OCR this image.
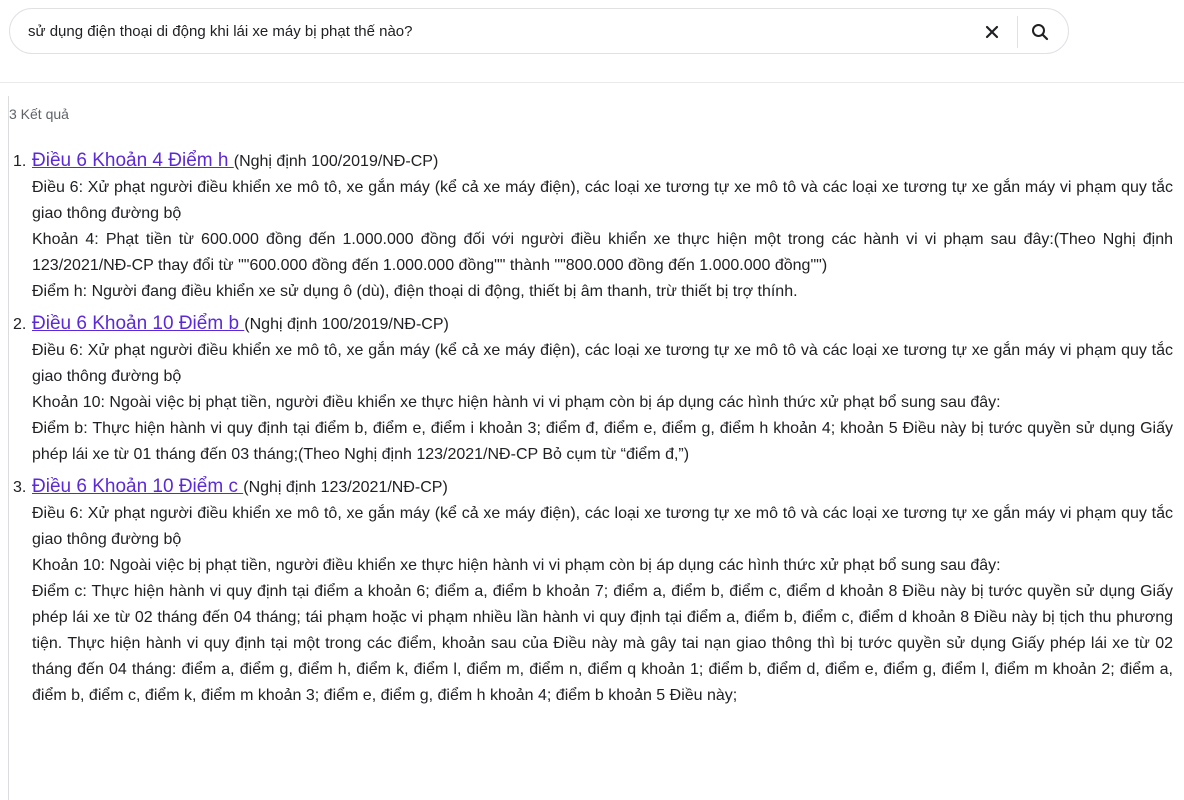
sử dụng điện thoại di động khi lái xe máy bị phạt thế nào?
3 Kết quả
1. Điều 6 Khoản 4 Điểm h (Nghị định 100/2019/NĐ-CP)

Điều 6: Xử phạt người điều khiển xe mô tô, xe gắn máy (kể cả xe máy điện), các loại xe tương tự xe mô tô và các loại xe tương tự xe gắn máy vi phạm quy tắc giao thông đường bộ

Khoản 4: Phạt tiền từ 600.000 đồng đến 1.000.000 đồng đối với người điều khiển xe thực hiện một trong các hành vi vi phạm sau đây:(Theo Nghị định 123/2021/NĐ-CP thay đổi từ ""600.000 đồng đến 1.000.000 đồng"" thành ""800.000 đồng đến 1.000.000 đồng"")

Điểm h: Người đang điều khiển xe sử dụng ô (dù), điện thoại di động, thiết bị âm thanh, trừ thiết bị trợ thính.

2. Điều 6 Khoản 10 Điểm b (Nghị định 100/2019/NĐ-CP)

Điều 6: Xử phạt người điều khiển xe mô tô, xe gắn máy (kể cả xe máy điện), các loại xe tương tự xe mô tô và các loại xe tương tự xe gắn máy vi phạm quy tắc giao thông đường bộ

Khoản 10: Ngoài việc bị phạt tiền, người điều khiển xe thực hiện hành vi vi phạm còn bị áp dụng các hình thức xử phạt bổ sung sau đây:

Điểm b: Thực hiện hành vi quy định tại điểm b, điểm e, điểm i khoản 3; điểm đ, điểm e, điểm g, điểm h khoản 4; khoản 5 Điều này bị tước quyền sử dụng Giấy phép lái xe từ 01 tháng đến 03 tháng;(Theo Nghị định 123/2021/NĐ-CP Bỏ cụm từ “điểm đ,”)

3. Điều 6 Khoản 10 Điểm c (Nghị định 123/2021/NĐ-CP)

Điều 6: Xử phạt người điều khiển xe mô tô, xe gắn máy (kể cả xe máy điện), các loại xe tương tự xe mô tô và các loại xe tương tự xe gắn máy vi phạm quy tắc giao thông đường bộ

Khoản 10: Ngoài việc bị phạt tiền, người điều khiển xe thực hiện hành vi vi phạm còn bị áp dụng các hình thức xử phạt bổ sung sau đây:

Điểm c: Thực hiện hành vi quy định tại điểm a khoản 6; điểm a, điểm b khoản 7; điểm a, điểm b, điểm c, điểm d khoản 8 Điều này bị tước quyền sử dụng Giấy phép lái xe từ 02 tháng đến 04 tháng; tái phạm hoặc vi phạm nhiều lần hành vi quy định tại điểm a, điểm b, điểm c, điểm d khoản 8 Điều này bị tịch thu phương tiện. Thực hiện hành vi quy định tại một trong các điểm, khoản sau của Điều này mà gây tai nạn giao thông thì bị tước quyền sử dụng Giấy phép lái xe từ 02 tháng đến 04 tháng: điểm a, điểm g, điểm h, điểm k, điểm l, điểm m, điểm n, điểm q khoản 1; điểm b, điểm d, điểm e, điểm g, điểm l, điểm m khoản 2; điểm a, điểm b, điểm c, điểm k, điểm m khoản 3; điểm e, điểm g, điểm h khoản 4; điểm b khoản 5 Điều này;
